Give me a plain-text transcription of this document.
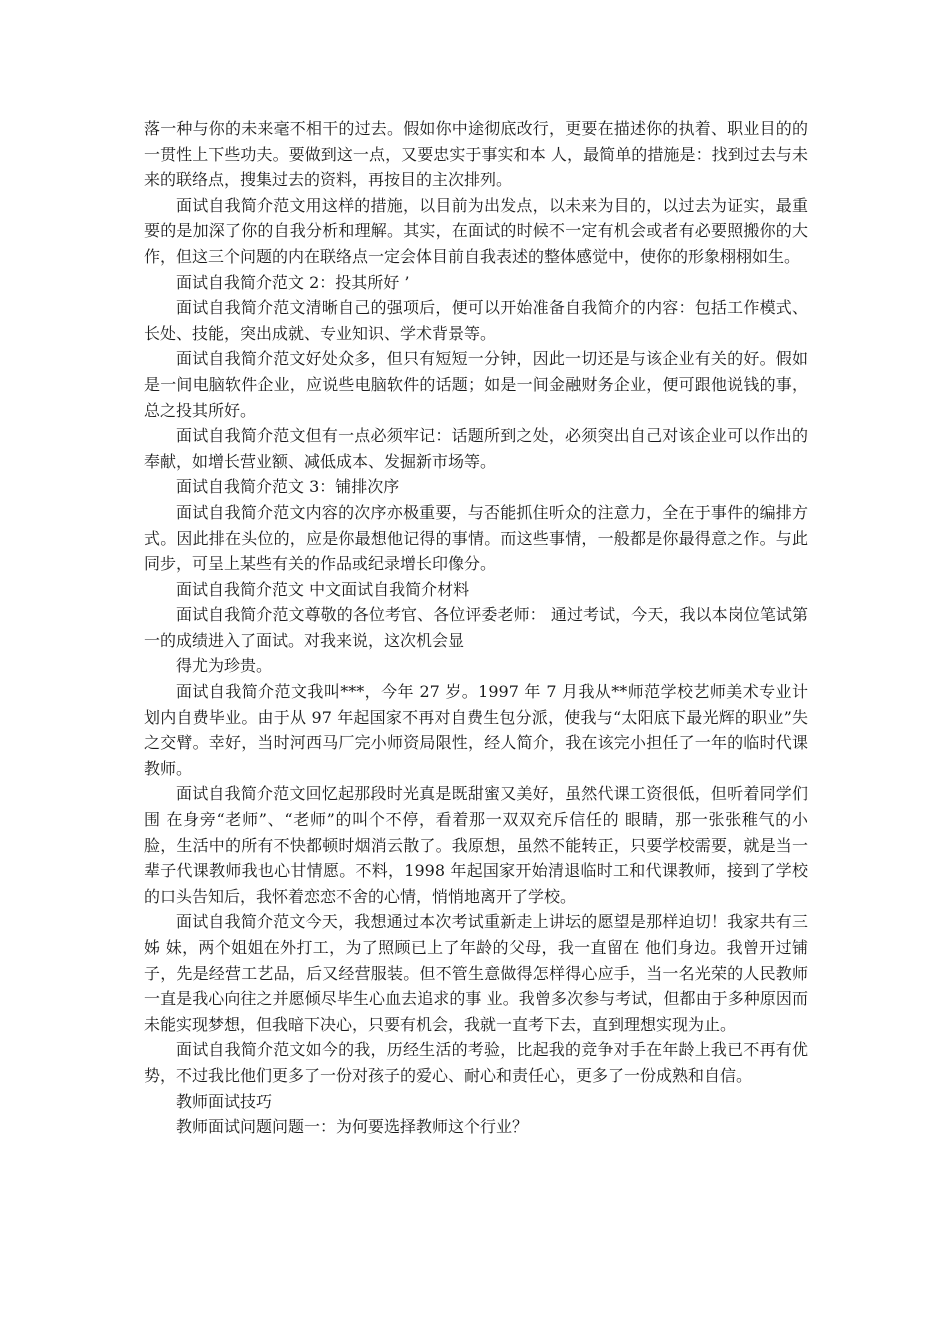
落一种与你的未来毫不相干的过去。假如你中途彻底改行，更要在描述你的执着、职业目的的一贯性上下些功夫。要做到这一点，又要忠实于事实和本 人，最简单的措施是：找到过去与未来的联络点，搜集过去的资料，再按目的主次排列。

面试自我简介范文用这样的措施，以目前为出发点，以未来为目的，以过去为证实，最重要的是加深了你的自我分析和理解。其实，在面试的时候不一定有机会或者有必要照搬你的大作，但这三个问题的内在联络点一定会体目前自我表述的整体感觉中，使你的形象栩栩如生。

面试自我简介范文 2：投其所好 ’

面试自我简介范文清晰自己的强项后，便可以开始准备自我简介的内容：包括工作模式、长处、技能，突出成就、专业知识、学术背景等。

面试自我简介范文好处众多，但只有短短一分钟，因此一切还是与该企业有关的好。假如是一间电脑软件企业，应说些电脑软件的话题；如是一间金融财务企业，便可跟他说钱的事，总之投其所好。

面试自我简介范文但有一点必须牢记：话题所到之处，必须突出自己对该企业可以作出的奉献，如增长营业额、减低成本、发掘新市场等。

面试自我简介范文 3：铺排次序

面试自我简介范文内容的次序亦极重要，与否能抓住听众的注意力，全在于事件的编排方式。因此排在头位的，应是你最想他记得的事情。而这些事情，一般都是你最得意之作。与此同步，可呈上某些有关的作品或纪录增长印像分。

面试自我简介范文 中文面试自我简介材料

面试自我简介范文尊敬的各位考官、各位评委老师： 通过考试，今天，我以本岗位笔试第一的成绩进入了面试。对我来说，这次机会显

得尤为珍贵。

面试自我简介范文我叫***，今年 27 岁。1997 年 7 月我从**师范学校艺师美术专业计划内自费毕业。由于从 97 年起国家不再对自费生包分派，使我与“太阳底下最光辉的职业”失之交臂。幸好，当时河西马厂完小师资局限性，经人简介，我在该完小担任了一年的临时代课教师。

面试自我简介范文回忆起那段时光真是既甜蜜又美好，虽然代课工资很低，但听着同学们围 在身旁“老师”、“老师”的叫个不停，看着那一双双充斥信任的 眼睛，那一张张稚气的小脸，生活中的所有不快都顿时烟消云散了。我原想，虽然不能转正，只要学校需要，就是当一辈子代课教师我也心甘情愿。不料，1998 年起国家开始清退临时工和代课教师，接到了学校的口头告知后，我怀着恋恋不舍的心情，悄悄地离开了学校。

面试自我简介范文今天，我想通过本次考试重新走上讲坛的愿望是那样迫切！我家共有三姊 妹，两个姐姐在外打工，为了照顾已上了年龄的父母，我一直留在 他们身边。我曾开过铺子，先是经营工艺品，后又经营服装。但不管生意做得怎样得心应手，当一名光荣的人民教师一直是我心向往之并愿倾尽毕生心血去追求的事 业。我曾多次参与考试，但都由于多种原因而未能实现梦想，但我暗下决心，只要有机会，我就一直考下去，直到理想实现为止。

面试自我简介范文如今的我，历经生活的考验，比起我的竞争对手在年龄上我已不再有优势，不过我比他们更多了一份对孩子的爱心、耐心和责任心，更多了一份成熟和自信。

教师面试技巧

教师面试问题问题一：为何要选择教师这个行业？
